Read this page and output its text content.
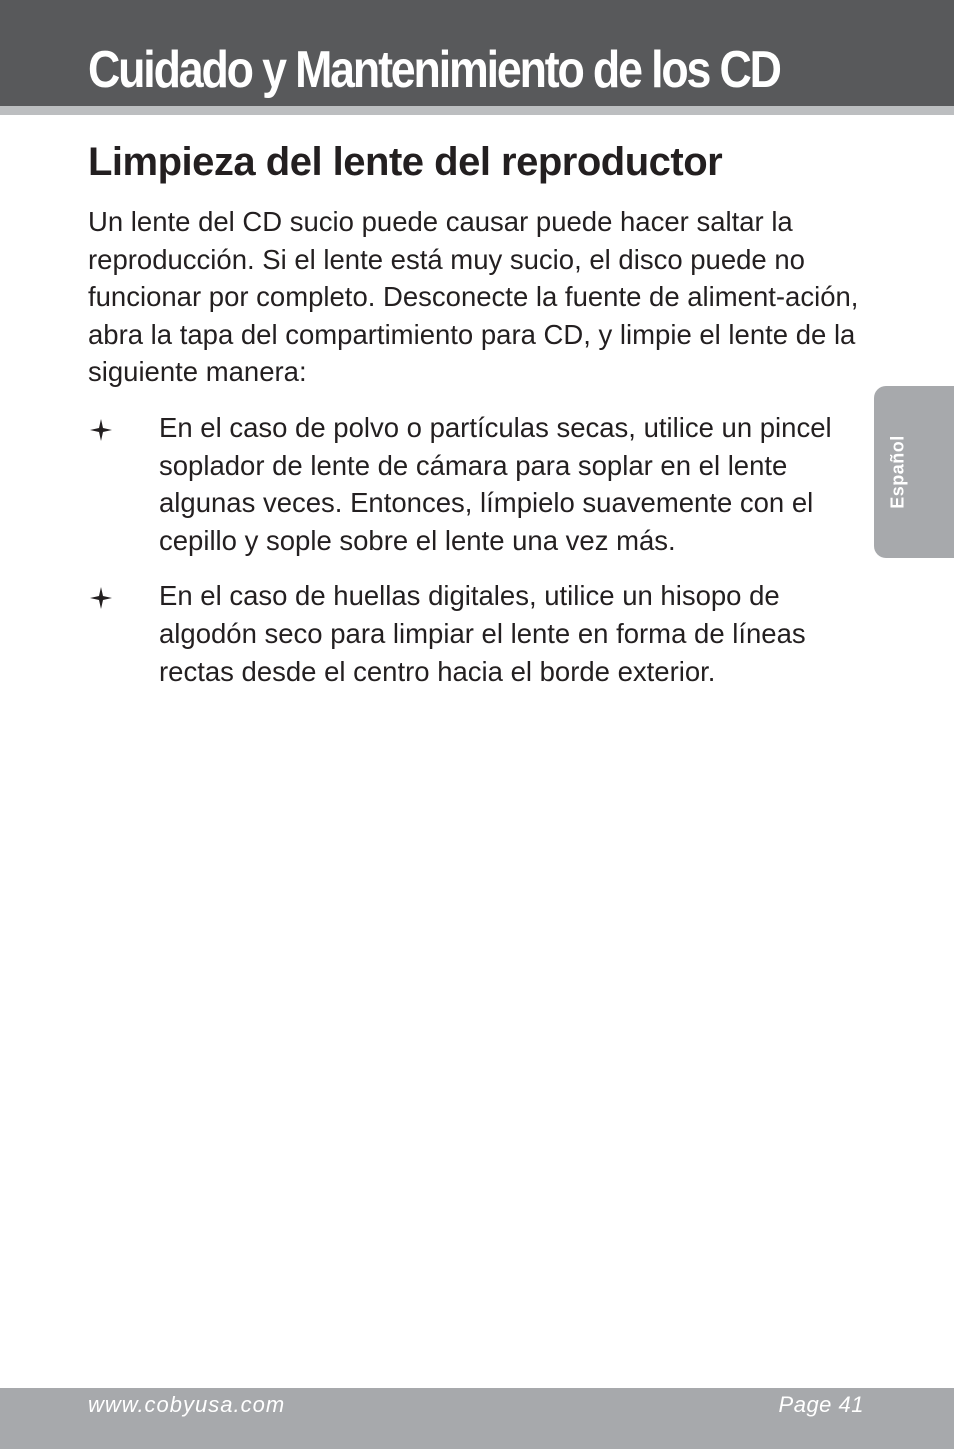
Cuidado y Mantenimiento de los CD
Limpieza del lente del reproductor

Un lente del CD sucio puede causar puede hacer saltar la reproducción. Si el lente está muy sucio, el disco puede no funcionar por completo. Desconecte la fuente de aliment-ación, abra la tapa del compartimiento para CD, y limpie el lente de la siguiente manera:

En el caso de polvo o partículas secas, utilice un pincel soplador de lente de cámara para soplar en el lente algunas veces. Entonces, límpielo suavemente con el cepillo y sople sobre el lente una vez más.
En el caso de huellas digitales, utilice un hisopo de algodón seco para limpiar el lente en forma de líneas rectas desde el centro hacia el borde exterior.
Español
www.cobyusa.com	Page 41
